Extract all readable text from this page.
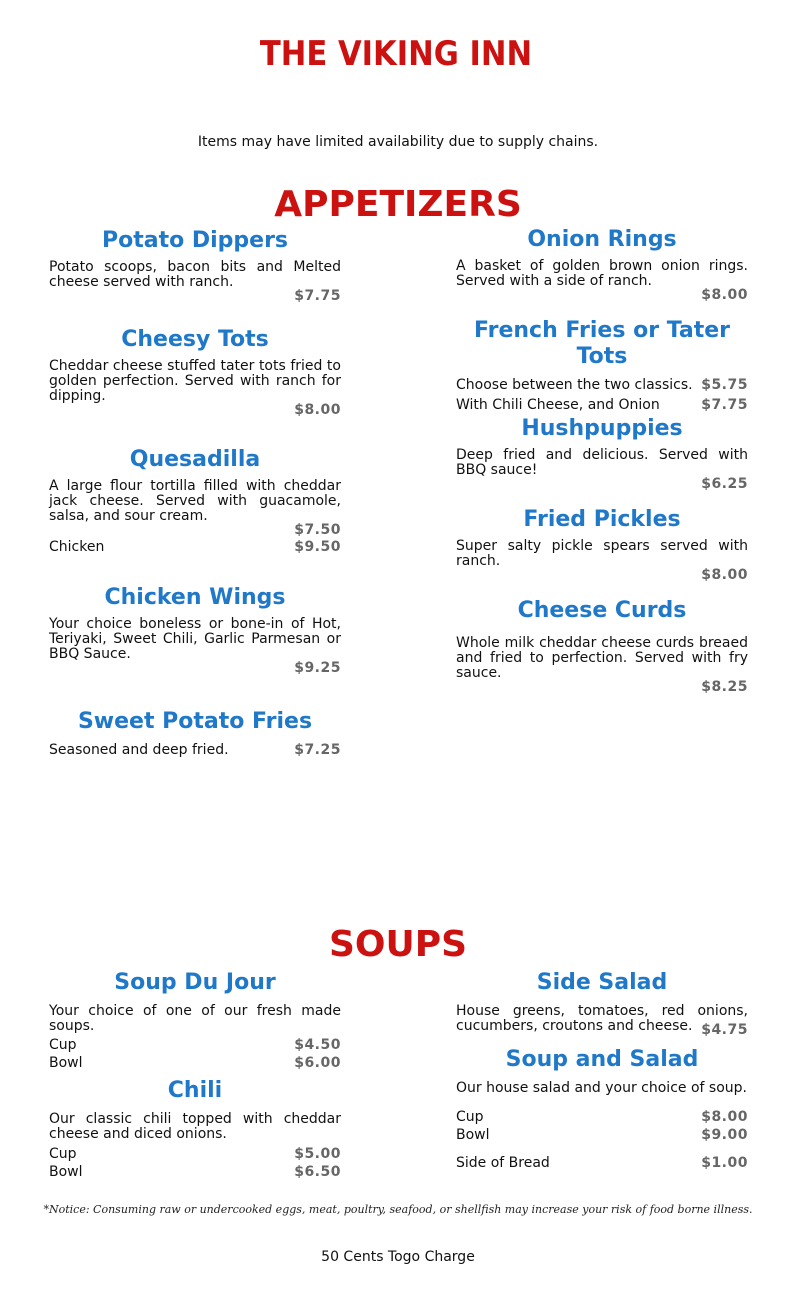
THE VIKING INN
Items may have limited availability due to supply chains.
APPETIZERS
Potato Dippers

Potato scoops, bacon bits and Melted cheese served with ranch.

$7.75
Cheesy Tots

Cheddar cheese stuffed tater tots fried to golden perfection. Served with ranch for dipping.

$8.00
Quesadilla

A large flour tortilla filled with cheddar jack cheese. Served with guacamole, salsa, and sour cream.

$7.50
Chicken	$9.50
Chicken Wings

Your choice boneless or bone-in of Hot, Teriyaki, Sweet Chili, Garlic Parmesan or BBQ Sauce.

$9.25
Sweet Potato Fries
Seasoned and deep fried.	$7.25
Onion Rings

A basket of golden brown onion rings. Served with a side of ranch.

$8.00
French Fries or Tater Tots
Choose between the two classics. $5.75
With Chili Cheese, and Onion	$7.75
Hushpuppies

Deep fried and delicious. Served with BBQ sauce!

$6.25
Fried Pickles

Super salty pickle spears served with ranch.

$8.00
Cheese Curds

Whole milk cheddar cheese curds breaed and fried to perfection. Served with fry sauce.

$8.25
SOUPS
Soup Du Jour

Your choice of one of our fresh made soups.

Cup	$4.50
Bowl	$6.00
Chili

Our classic chili topped with cheddar cheese and diced onions.

Cup	$5.00
Bowl	$6.50
Side Salad

House greens, tomatoes, red onions, cucumbers, croutons and cheese. $4.75
Soup and Salad

Our house salad and your choice of soup.

Cup	$8.00
Bowl	$9.00
Side of Bread	$1.00
*Notice: Consuming raw or undercooked eggs, meat, poultry, seafood, or shellfish may increase your risk of food borne illness.
50 Cents Togo Charge
